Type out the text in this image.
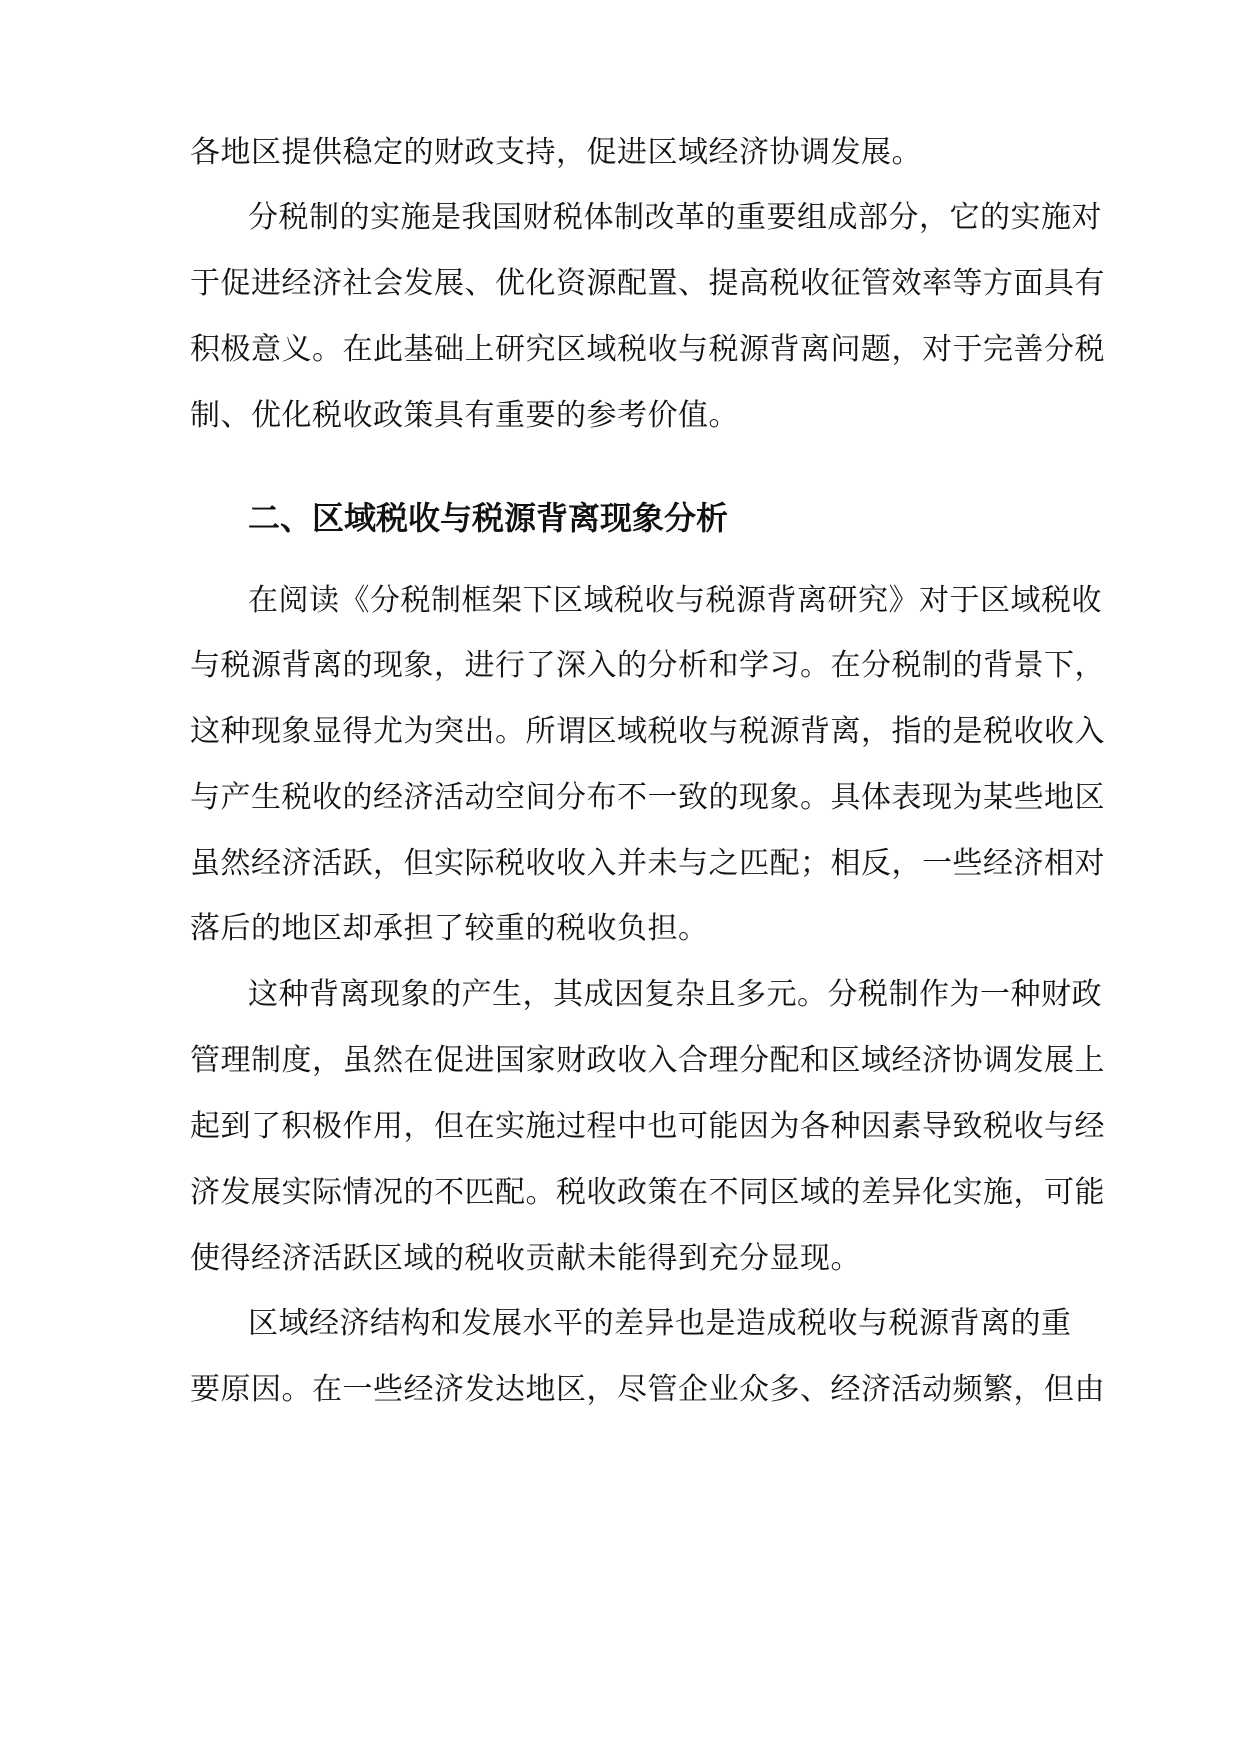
各地区提供稳定的财政支持，促进区域经济协调发展。
分税制的实施是我国财税体制改革的重要组成部分，它的实施对
于促进经济社会发展、优化资源配置、提高税收征管效率等方面具有
积极意义。在此基础上研究区域税收与税源背离问题，对于完善分税
制、优化税收政策具有重要的参考价值。
二、区域税收与税源背离现象分析
在阅读《分税制框架下区域税收与税源背离研究》对于区域税收
与税源背离的现象，进行了深入的分析和学习。在分税制的背景下，
这种现象显得尤为突出。所谓区域税收与税源背离，指的是税收收入
与产生税收的经济活动空间分布不一致的现象。具体表现为某些地区
虽然经济活跃，但实际税收收入并未与之匹配；相反，一些经济相对
落后的地区却承担了较重的税收负担。
这种背离现象的产生，其成因复杂且多元。分税制作为一种财政
管理制度，虽然在促进国家财政收入合理分配和区域经济协调发展上
起到了积极作用，但在实施过程中也可能因为各种因素导致税收与经
济发展实际情况的不匹配。税收政策在不同区域的差异化实施，可能
使得经济活跃区域的税收贡献未能得到充分显现。
区域经济结构和发展水平的差异也是造成税收与税源背离的重
要原因。在一些经济发达地区，尽管企业众多、经济活动频繁，但由
